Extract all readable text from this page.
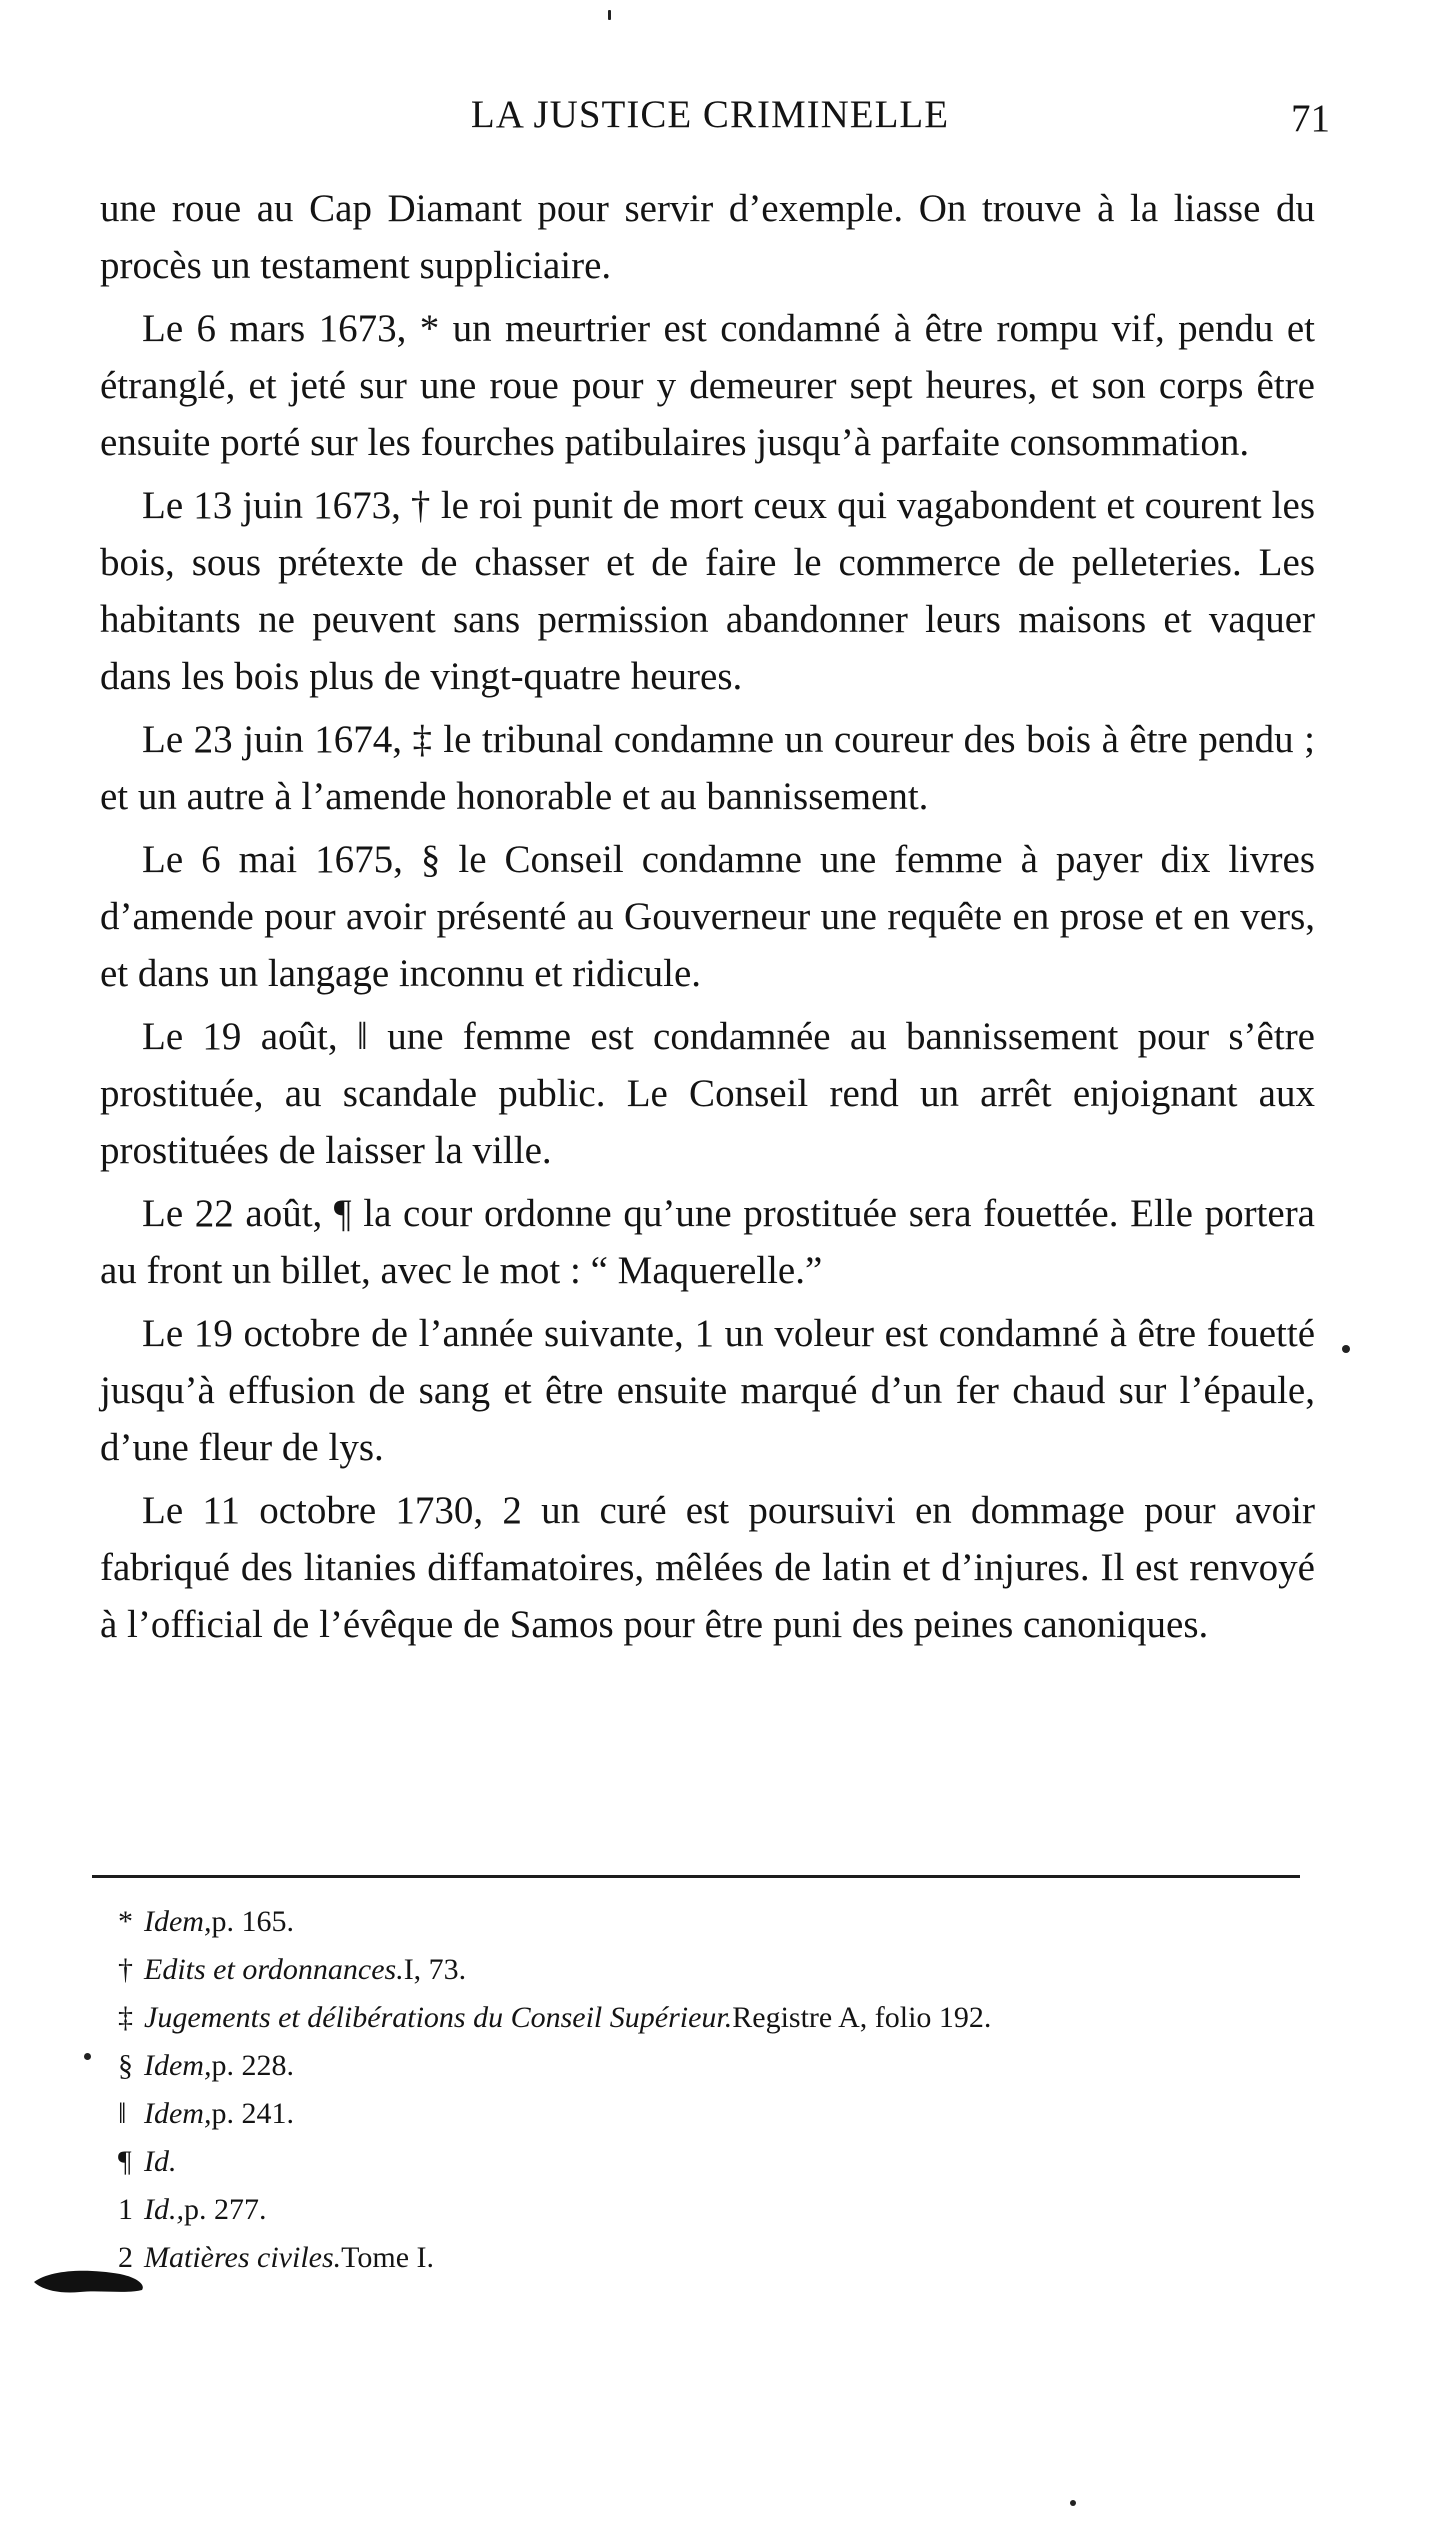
LA JUSTICE CRIMINELLE	71

une roue au Cap Diamant pour servir d’exemple. On trouve à la liasse du procès un testament suppliciaire.

Le 6 mars 1673, * un meurtrier est condamné à être rompu vif, pendu et étranglé, et jeté sur une roue pour y demeurer sept heures, et son corps être ensuite porté sur les fourches patibulaires jusqu’à parfaite consommation.

Le 13 juin 1673, † le roi punit de mort ceux qui vagabondent et courent les bois, sous prétexte de chasser et de faire le commerce de pelleteries. Les habitants ne peuvent sans permission abandonner leurs maisons et vaquer dans les bois plus de vingt-quatre heures.

Le 23 juin 1674, ‡ le tribunal condamne un coureur des bois à être pendu ; et un autre à l’amende honorable et au bannissement.

Le 6 mai 1675, § le Conseil condamne une femme à payer dix livres d’amende pour avoir présenté au Gouverneur une requête en prose et en vers, et dans un langage inconnu et ridicule.

Le 19 août, ‖ une femme est condamnée au bannissement pour s’être prostituée, au scandale public. Le Conseil rend un arrêt enjoignant aux prostituées de laisser la ville.

Le 22 août, ¶ la cour ordonne qu’une prostituée sera fouettée. Elle portera au front un billet, avec le mot : “ Maquerelle.”

Le 19 octobre de l’année suivante, 1 un voleur est condamné à être fouetté jusqu’à effusion de sang et être ensuite marqué d’un fer chaud sur l’épaule, d’une fleur de lys.

Le 11 octobre 1730, 2 un curé est poursuivi en dommage pour avoir fabriqué des litanies diffamatoires, mêlées de latin et d’injures. Il est renvoyé à l’official de l’évêque de Samos pour être puni des peines canoniques.

* Idem, p. 165.
† Edits et ordonnances. I, 73.
‡ Jugements et délibérations du Conseil Supérieur. Registre A, folio 192.
§ Idem, p. 228.
‖ Idem, p. 241.
¶ Id.
1 Id., p. 277.
2 Matières civiles. Tome I.
